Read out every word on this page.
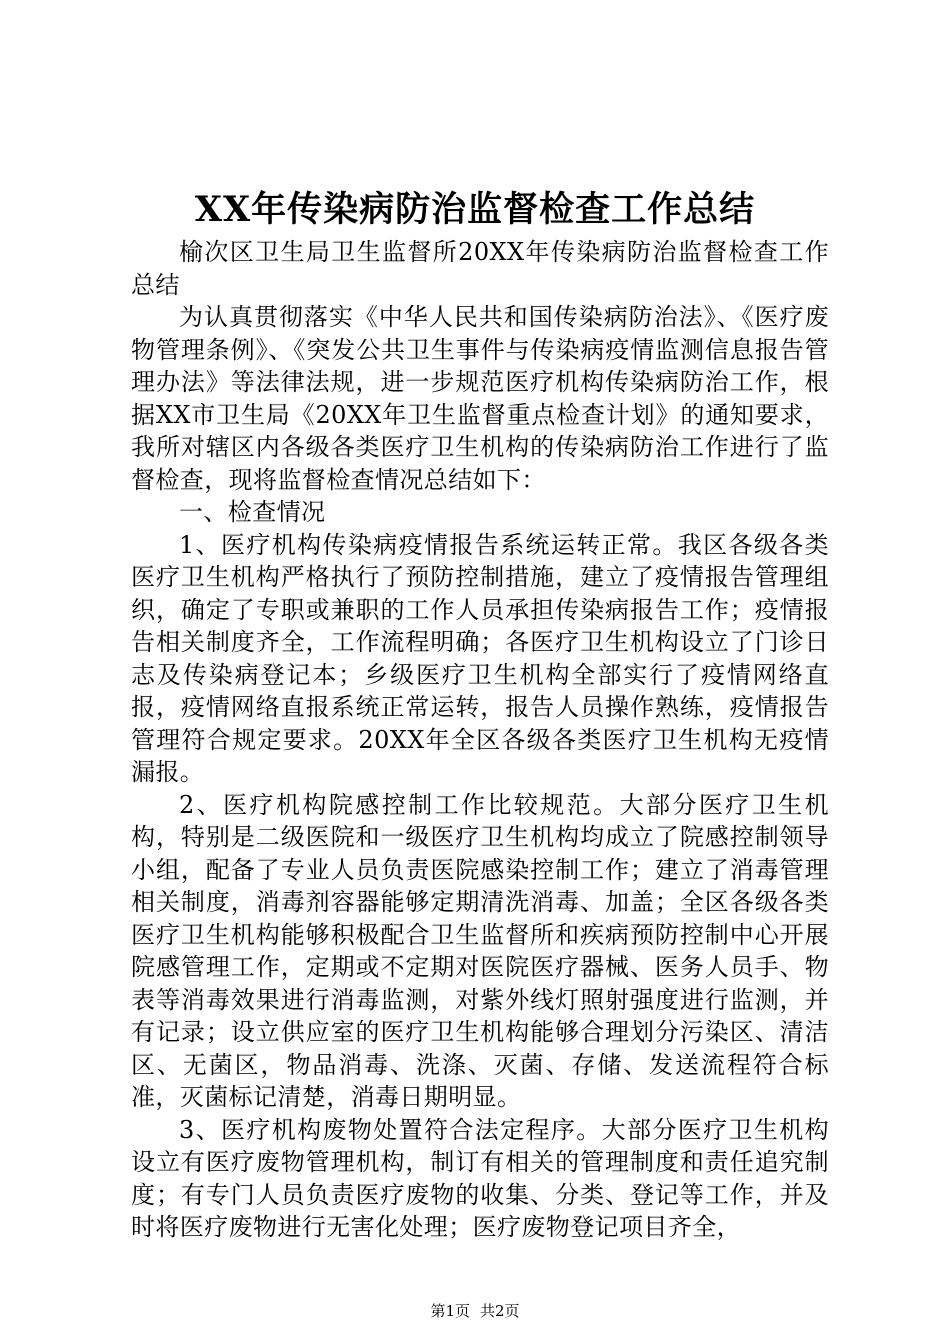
XX年传染病防治监督检查工作总结

榆次区卫生局卫生监督所20XX年传染病防治监督检查工作总结

为认真贯彻落实《中华人民共和国传染病防治法》、《医疗废物管理条例》、《突发公共卫生事件与传染病疫情监测信息报告管理办法》等法律法规，进一步规范医疗机构传染病防治工作，根据XX市卫生局《20XX年卫生监督重点检查计划》的通知要求，我所对辖区内各级各类医疗卫生机构的传染病防治工作进行了监督检查，现将监督检查情况总结如下：

一、检查情况

1、医疗机构传染病疫情报告系统运转正常。我区各级各类医疗卫生机构严格执行了预防控制措施，建立了疫情报告管理组织，确定了专职或兼职的工作人员承担传染病报告工作；疫情报告相关制度齐全，工作流程明确；各医疗卫生机构设立了门诊日志及传染病登记本；乡级医疗卫生机构全部实行了疫情网络直报，疫情网络直报系统正常运转，报告人员操作熟练，疫情报告管理符合规定要求。20XX年全区各级各类医疗卫生机构无疫情漏报。

2、医疗机构院感控制工作比较规范。大部分医疗卫生机构，特别是二级医院和一级医疗卫生机构均成立了院感控制领导小组，配备了专业人员负责医院感染控制工作；建立了消毒管理相关制度，消毒剂容器能够定期清洗消毒、加盖；全区各级各类医疗卫生机构能够积极配合卫生监督所和疾病预防控制中心开展院感管理工作，定期或不定期对医院医疗器械、医务人员手、物表等消毒效果进行消毒监测，对紫外线灯照射强度进行监测，并有记录；设立供应室的医疗卫生机构能够合理划分污染区、清洁区、无菌区，物品消毒、洗涤、灭菌、存储、发送流程符合标准，灭菌标记清楚，消毒日期明显。

3、医疗机构废物处置符合法定程序。大部分医疗卫生机构设立有医疗废物管理机构，制订有相关的管理制度和责任追究制度；有专门人员负责医疗废物的收集、分类、登记等工作，并及时将医疗废物进行无害化处理；医疗废物登记项目齐全，

第1页 共2页
